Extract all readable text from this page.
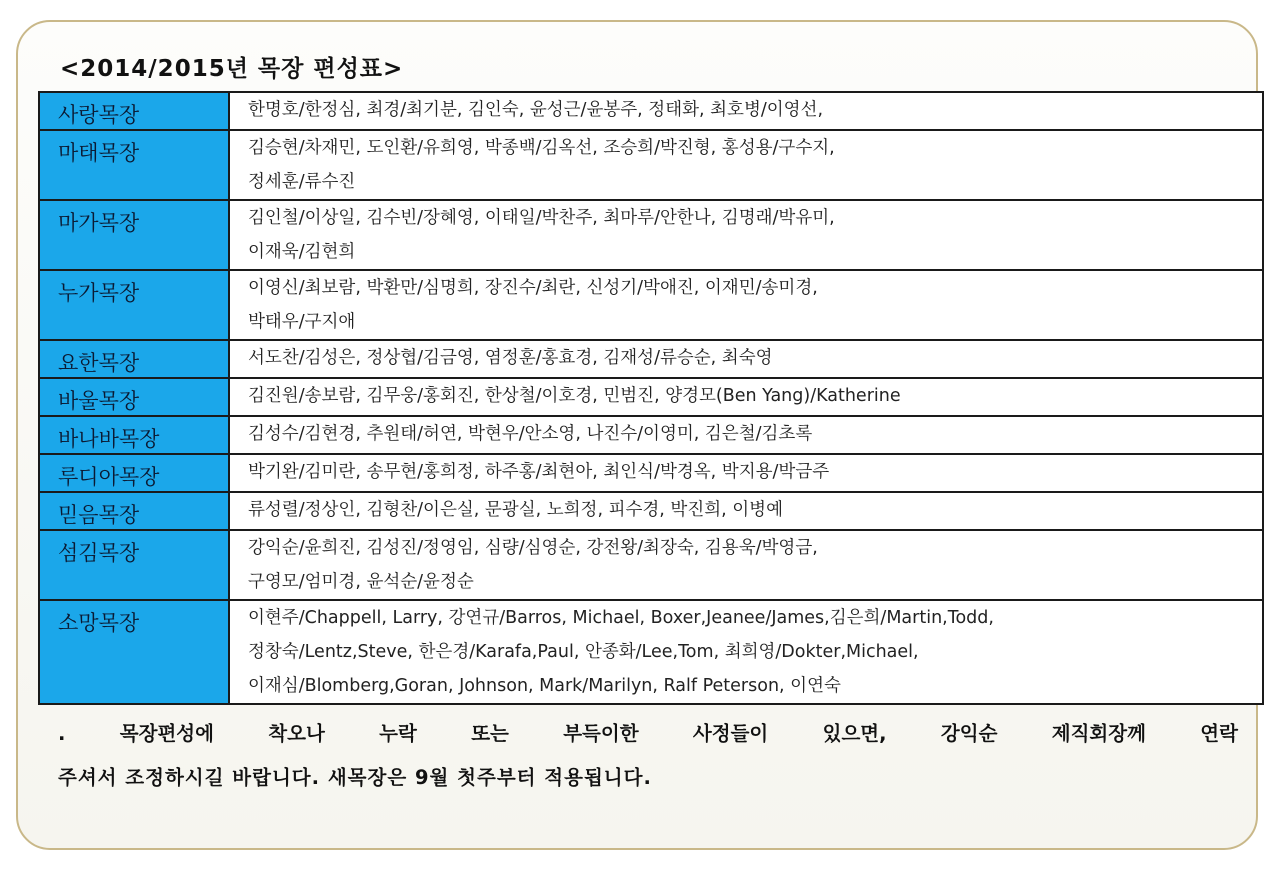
<2014/2015년 목장 편성표>
사랑목장	한명호/한정심, 최경/최기분, 김인숙, 윤성근/윤봉주, 정태화, 최호병/이영선,

마태목장	김승현/차재민, 도인환/유희영, 박종백/김옥선, 조승희/박진형, 홍성용/구수지,
정세훈/류수진

마가목장	김인철/이상일, 김수빈/장혜영, 이태일/박찬주, 최마루/안한나, 김명래/박유미,
이재욱/김현희

누가목장	이영신/최보람, 박환만/심명희, 장진수/최란, 신성기/박애진, 이재민/송미경,
박태우/구지애

요한목장	서도찬/김성은, 정상협/김금영, 염정훈/홍효경, 김재성/류승순, 최숙영

바울목장	김진원/송보람, 김무웅/홍회진, 한상철/이호경, 민범진, 양경모(Ben Yang)/Katherine

바나바목장	김성수/김현경, 추원태/허연, 박현우/안소영, 나진수/이영미, 김은철/김초록

루디아목장	박기완/김미란, 송무현/홍희정, 하주홍/최현아, 최인식/박경옥, 박지용/박금주

믿음목장	류성렬/정상인, 김형찬/이은실, 문광실, 노희정, 피수경, 박진희, 이병예

섬김목장	강익순/윤희진, 김성진/정영임, 심량/심영순, 강전왕/최장숙, 김용욱/박영금,
구영모/엄미경, 윤석순/윤정순

소망목장	이현주/Chappell, Larry, 강연규/Barros, Michael, Boxer,Jeanee/James,김은희/Martin,Todd,
정창숙/Lentz,Steve, 한은경/Karafa,Paul, 안종화/Lee,Tom, 최희영/Dokter,Michael,
이재심/Blomberg,Goran, Johnson, Mark/Marilyn, Ralf Peterson, 이연숙
.	목장편성에	착오나	누락	또는	부득이한	사정들이	있으면,	강익순	제직회장께	연락
주셔서 조정하시길 바랍니다. 새목장은 9월 첫주부터 적용됩니다.
